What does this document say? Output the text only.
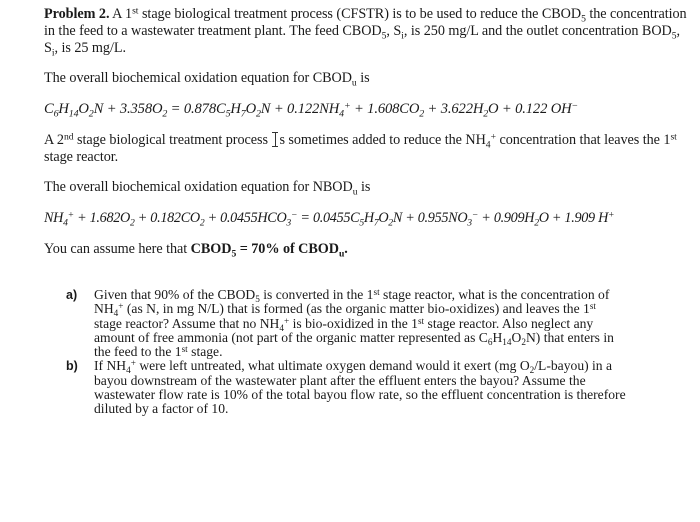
Problem 2. A 1st stage biological treatment process (CFSTR) is to be used to reduce the $CBOD_5$ the concentration in the feed to a wastewater treatment plant. The feed $CBOD_5$, $S_i$, is 250 mg/L and the outlet concentration $BOD_5$, $S_i$, is 25 mg/L.

The overall biochemical oxidation equation for $CBOD_u$ is

$C_6H_{14}O_2N + 3.358O_2 = 0.878C_5H_7O_2N + 0.122NH_4^+ + 1.608CO_2 + 3.622H_2O + 0.122$ OH−

A 2nd stage biological treatment process
s sometimes added to reduce the $NH_4^+$ concentration that leaves the 1st stage reactor.

The overall biochemical oxidation equation for $NBOD_u$ is

$NH_4^+ + 1.682O_2 + 0.182CO_2 + 0.0455HCO_3^- = 0.0455C_5H_7O_2N + 0.955NO_3^- + 0.909H_2O + 1.909$ H+

You can assume here that $CBOD_5 = 70\%$ of $CBOD_u$.

a) Given that 90% of the $CBOD_5$ is converted in the 1st stage reactor, what is the concentration of $NH_4^+$ (as N, in mg N/L) that is formed (as the organic matter bio-oxidizes) and leaves the 1st stage reactor? Assume that no $NH_4^+$ is bio-oxidized in the 1st stage reactor. Also neglect any amount of free ammonia (not part of the organic matter represented as $C_6H_{14}O_2N$) that enters in the feed to the 1st stage.
b) If $NH_4^+$ were left untreated, what ultimate oxygen demand would it exert (mg $O_2/L-bayou$) in a bayou downstream of the wastewater plant after the effluent enters the bayou? Assume the wastewater flow rate is 10% of the total bayou flow rate, so the effluent concentration is therefore diluted by a factor of 10.
